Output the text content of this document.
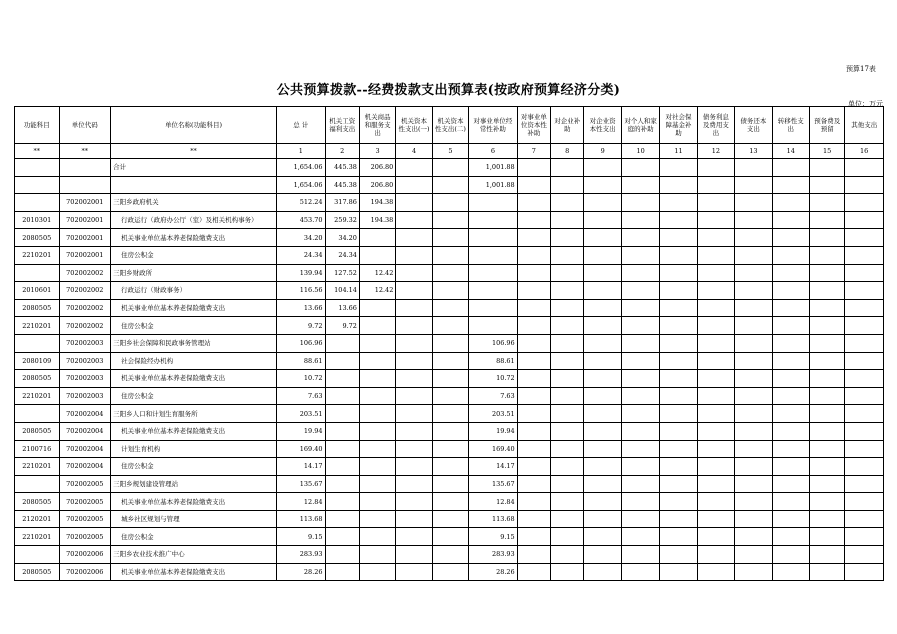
预算17表
公共预算拨款--经费拨款支出预算表(按政府预算经济分类)
单位：万元
功能科目	单位代码	单位名称(功能科目)	总 计	机关工资福利支出	机关商品和服务支出	机关资本性支出(一)	机关资本性支出(二)	对事业单位经常性补助	对事业单位资本性补助	对企业补助	对企业资本性支出	对个人和家庭的补助	对社会保障基金补助	债务利息及费用支出	债务还本支出	转移性支出	预备费及预留	其他支出
**	**	**	1	2	3	4	5	6	7	8	9	10	11	12	13	14	15	16
		合计	1,654.06	445.38	206.80			1,001.88										
			1,654.06	445.38	206.80			1,001.88										
	702002001	三阳乡政府机关	512.24	317.86	194.38													
2010301	702002001	行政运行（政府办公厅（室）及相关机构事务）	453.70	259.32	194.38													
2080505	702002001	机关事业单位基本养老保险缴费支出	34.20	34.20														
2210201	702002001	住房公积金	24.34	24.34														
	702002002	三阳乡财政所	139.94	127.52	12.42													
2010601	702002002	行政运行（财政事务）	116.56	104.14	12.42													
2080505	702002002	机关事业单位基本养老保险缴费支出	13.66	13.66														
2210201	702002002	住房公积金	9.72	9.72														
	702002003	三阳乡社会保障和民政事务管理站	106.96					106.96										
2080109	702002003	社会保险经办机构	88.61					88.61										
2080505	702002003	机关事业单位基本养老保险缴费支出	10.72					10.72										
2210201	702002003	住房公积金	7.63					7.63										
	702002004	三阳乡人口和计划生育服务所	203.51					203.51										
2080505	702002004	机关事业单位基本养老保险缴费支出	19.94					19.94										
2100716	702002004	计划生育机构	169.40					169.40										
2210201	702002004	住房公积金	14.17					14.17										
	702002005	三阳乡规划建设管理站	135.67					135.67										
2080505	702002005	机关事业单位基本养老保险缴费支出	12.84					12.84										
2120201	702002005	城乡社区规划与管理	113.68					113.68										
2210201	702002005	住房公积金	9.15					9.15										
	702002006	三阳乡农业技术推广中心	283.93					283.93										
2080505	702002006	机关事业单位基本养老保险缴费支出	28.26					28.26										
